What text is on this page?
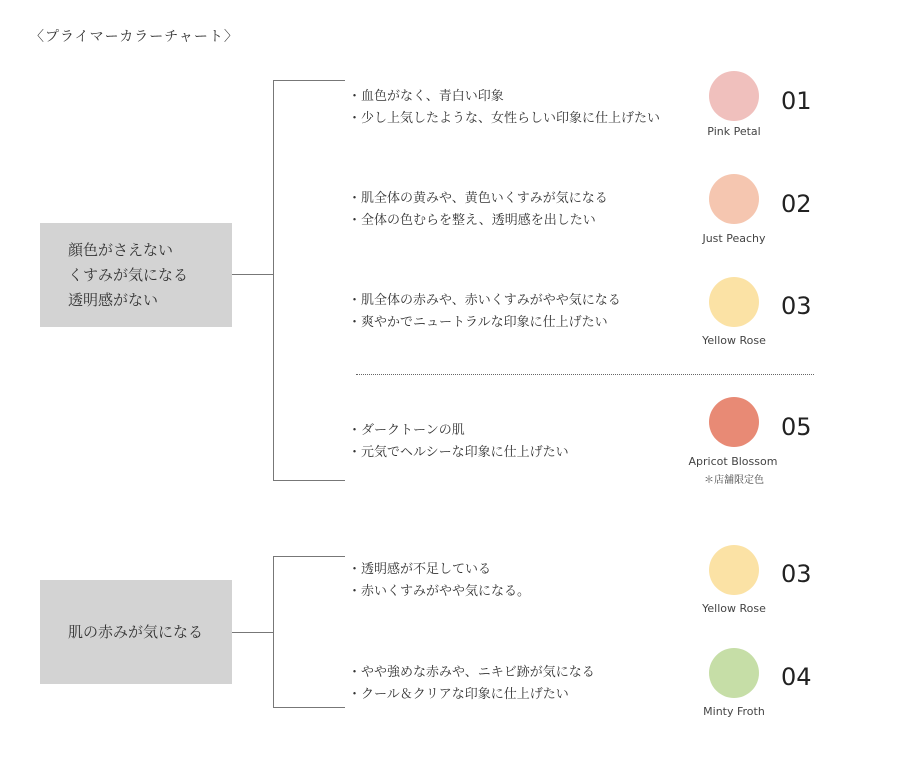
〈プライマーカラーチャート〉
顔色がさえない
くすみが気になる
透明感がない
・血色がなく、青白い印象
・少し上気したような、女性らしい印象に仕上げたい
Pink Petal
01
・肌全体の黄みや、黄色いくすみが気になる
・全体の色むらを整え、透明感を出したい
Just Peachy
02
・肌全体の赤みや、赤いくすみがやや気になる
・爽やかでニュートラルな印象に仕上げたい
Yellow Rose
03
・ダークトーンの肌
・元気でヘルシーな印象に仕上げたい
Apricot Blossom
＊店舗限定色
05
肌の赤みが気になる
・透明感が不足している
・赤いくすみがやや気になる。
Yellow Rose
03
・やや強めな赤みや、ニキビ跡が気になる
・クール＆クリアな印象に仕上げたい
Minty Froth
04
